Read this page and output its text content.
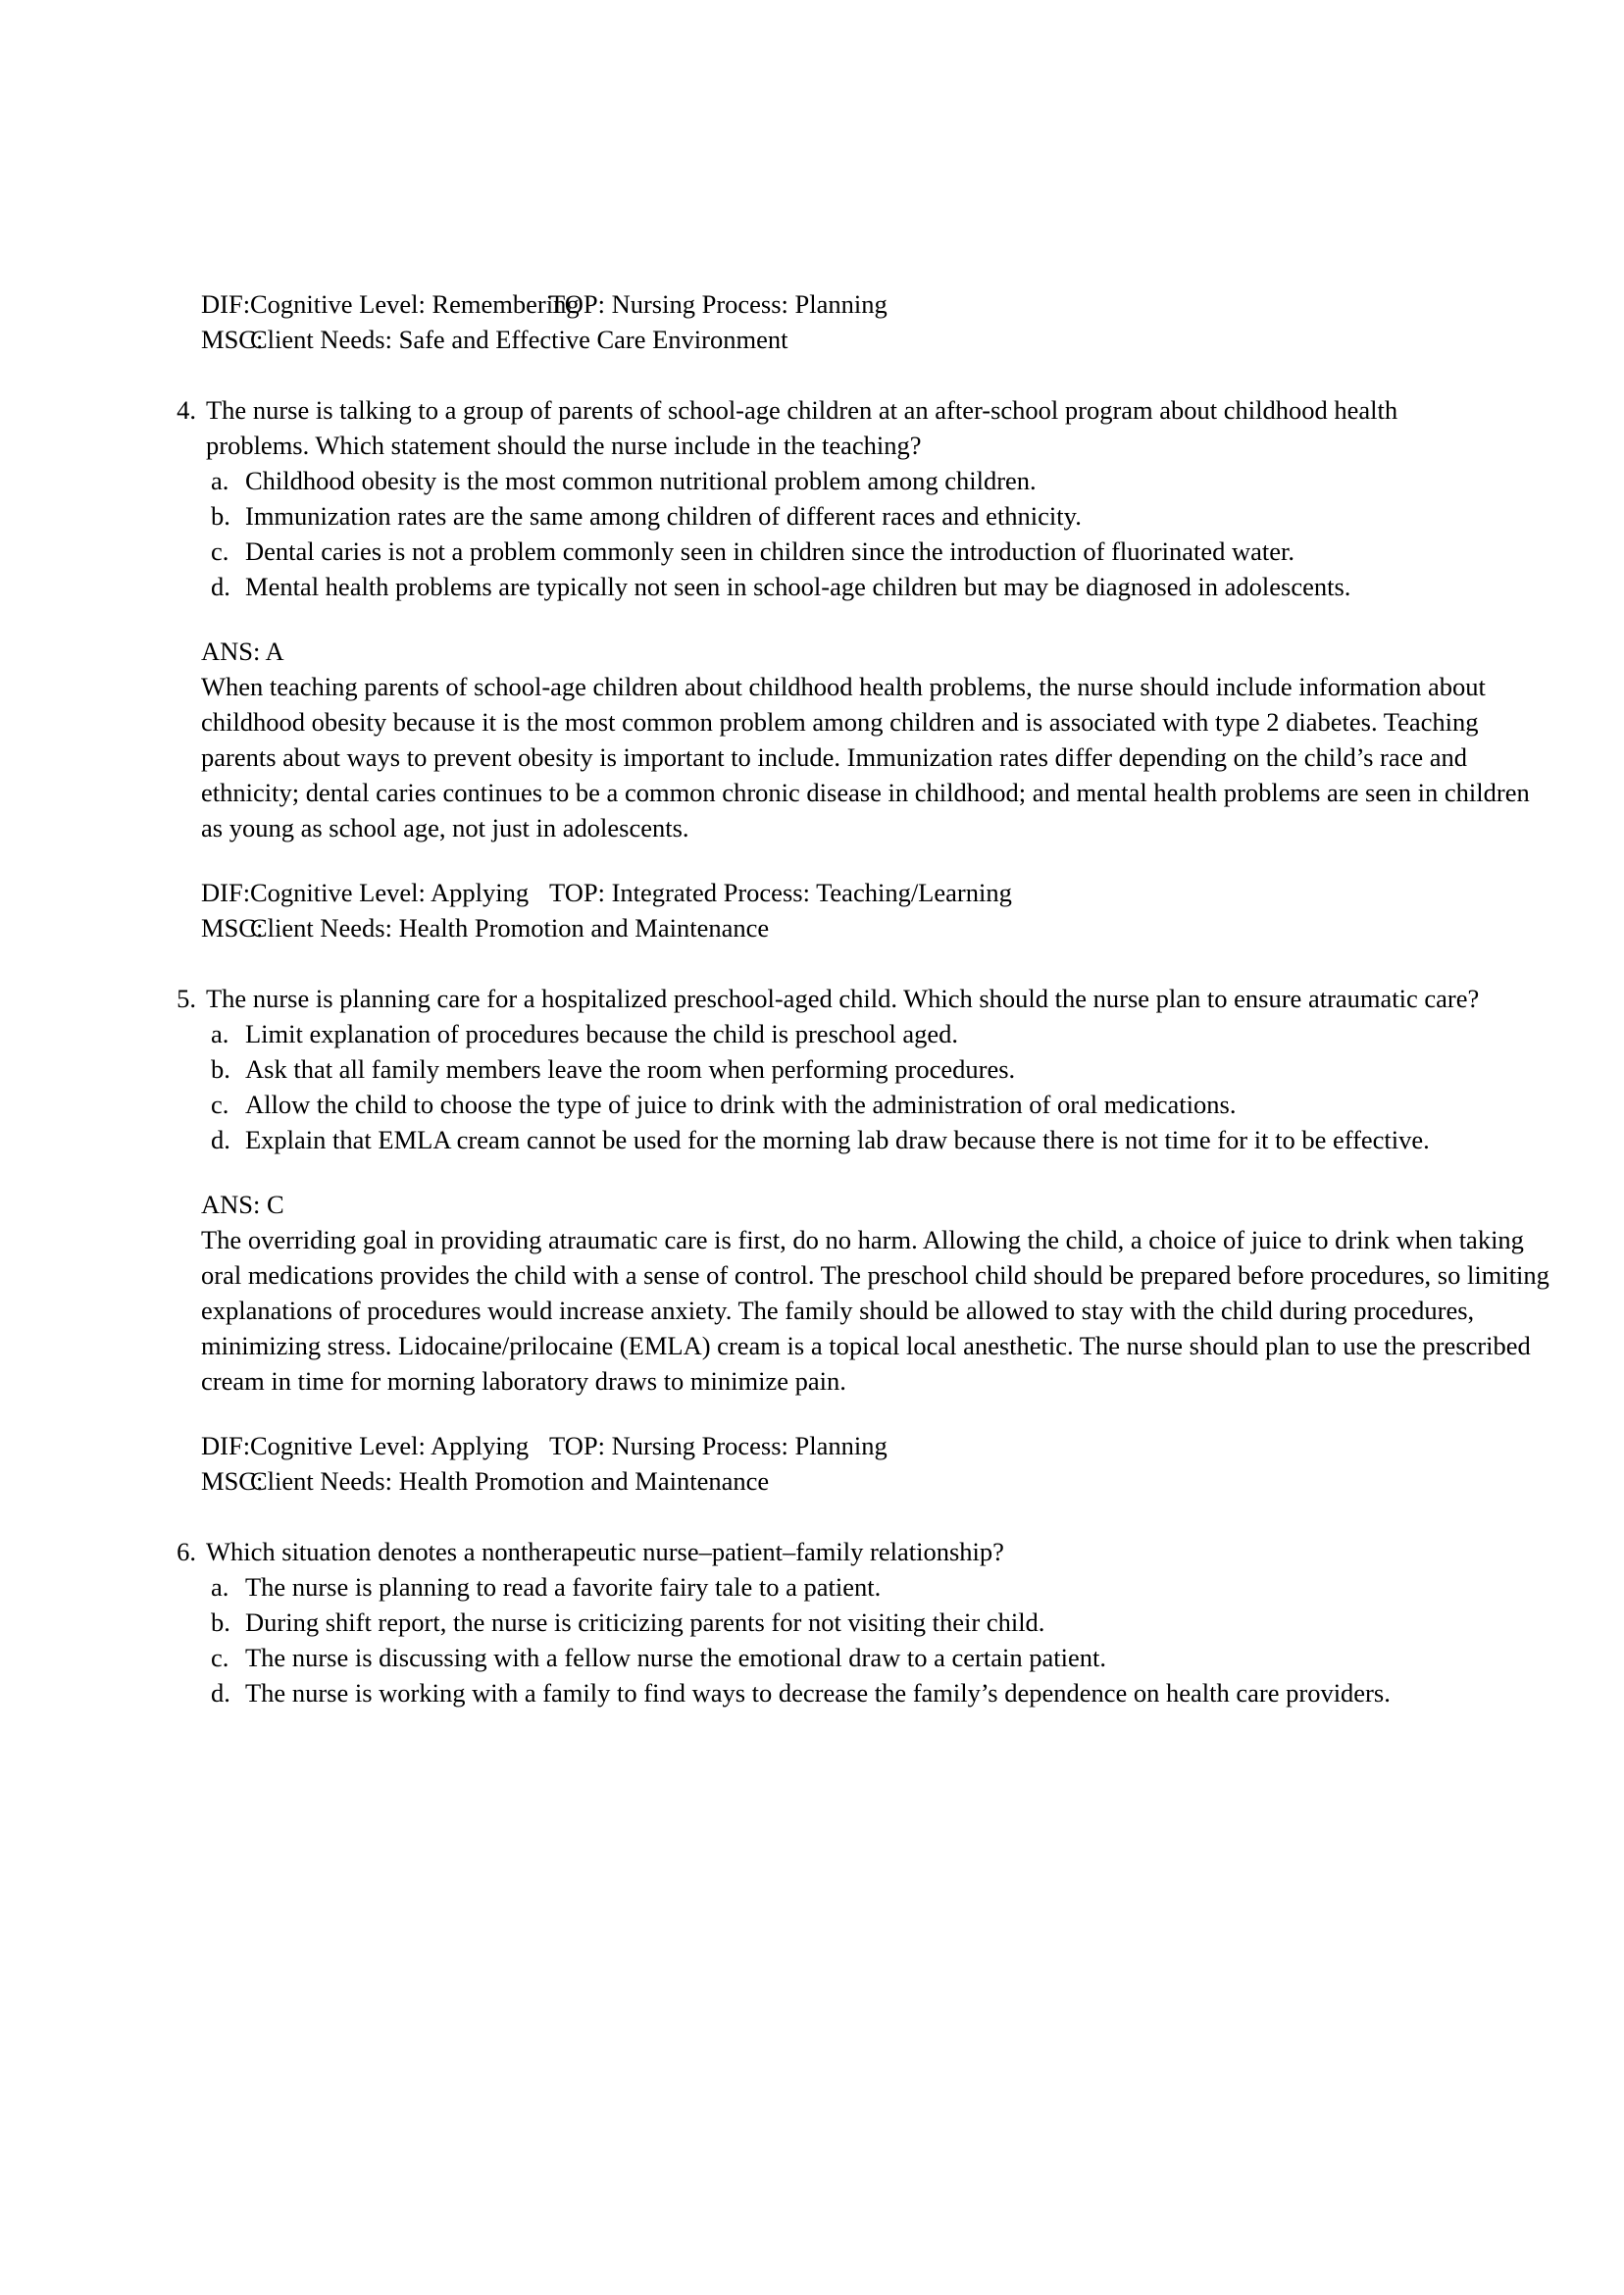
DIF:Cognitive Level: RememberingTOP: Nursing Process: Planning
MSC:Client Needs: Safe and Effective Care Environment
4. The nurse is talking to a group of parents of school-age children at an after-school program about childhood health problems. Which statement should the nurse include in the teaching?
a. Childhood obesity is the most common nutritional problem among children.
b. Immunization rates are the same among children of different races and ethnicity.
c. Dental caries is not a problem commonly seen in children since the introduction of fluorinated water.
d. Mental health problems are typically not seen in school-age children but may be diagnosed in adolescents.
ANS: A
When teaching parents of school-age children about childhood health problems, the nurse should include information about childhood obesity because it is the most common problem among children and is associated with type 2 diabetes. Teaching parents about ways to prevent obesity is important to include. Immunization rates differ depending on the child’s race and ethnicity; dental caries continues to be a common chronic disease in childhood; and mental health problems are seen in children as young as school age, not just in adolescents.
DIF:Cognitive Level: Applying TOP: Integrated Process: Teaching/Learning
MSC:Client Needs: Health Promotion and Maintenance
5. The nurse is planning care for a hospitalized preschool-aged child. Which should the nurse plan to ensure atraumatic care?
a. Limit explanation of procedures because the child is preschool aged.
b. Ask that all family members leave the room when performing procedures.
c. Allow the child to choose the type of juice to drink with the administration of oral medications.
d. Explain that EMLA cream cannot be used for the morning lab draw because there is not time for it to be effective.
ANS: C
The overriding goal in providing atraumatic care is first, do no harm. Allowing the child, a choice of juice to drink when taking oral medications provides the child with a sense of control. The preschool child should be prepared before procedures, so limiting explanations of procedures would increase anxiety. The family should be allowed to stay with the child during procedures, minimizing stress. Lidocaine/prilocaine (EMLA) cream is a topical local anesthetic. The nurse should plan to use the prescribed cream in time for morning laboratory draws to minimize pain.
DIF:Cognitive Level: Applying TOP: Nursing Process: Planning
MSC:Client Needs: Health Promotion and Maintenance
6. Which situation denotes a nontherapeutic nurse–patient–family relationship?
a. The nurse is planning to read a favorite fairy tale to a patient.
b. During shift report, the nurse is criticizing parents for not visiting their child.
c. The nurse is discussing with a fellow nurse the emotional draw to a certain patient.
d. The nurse is working with a family to find ways to decrease the family’s dependence on health care providers.
